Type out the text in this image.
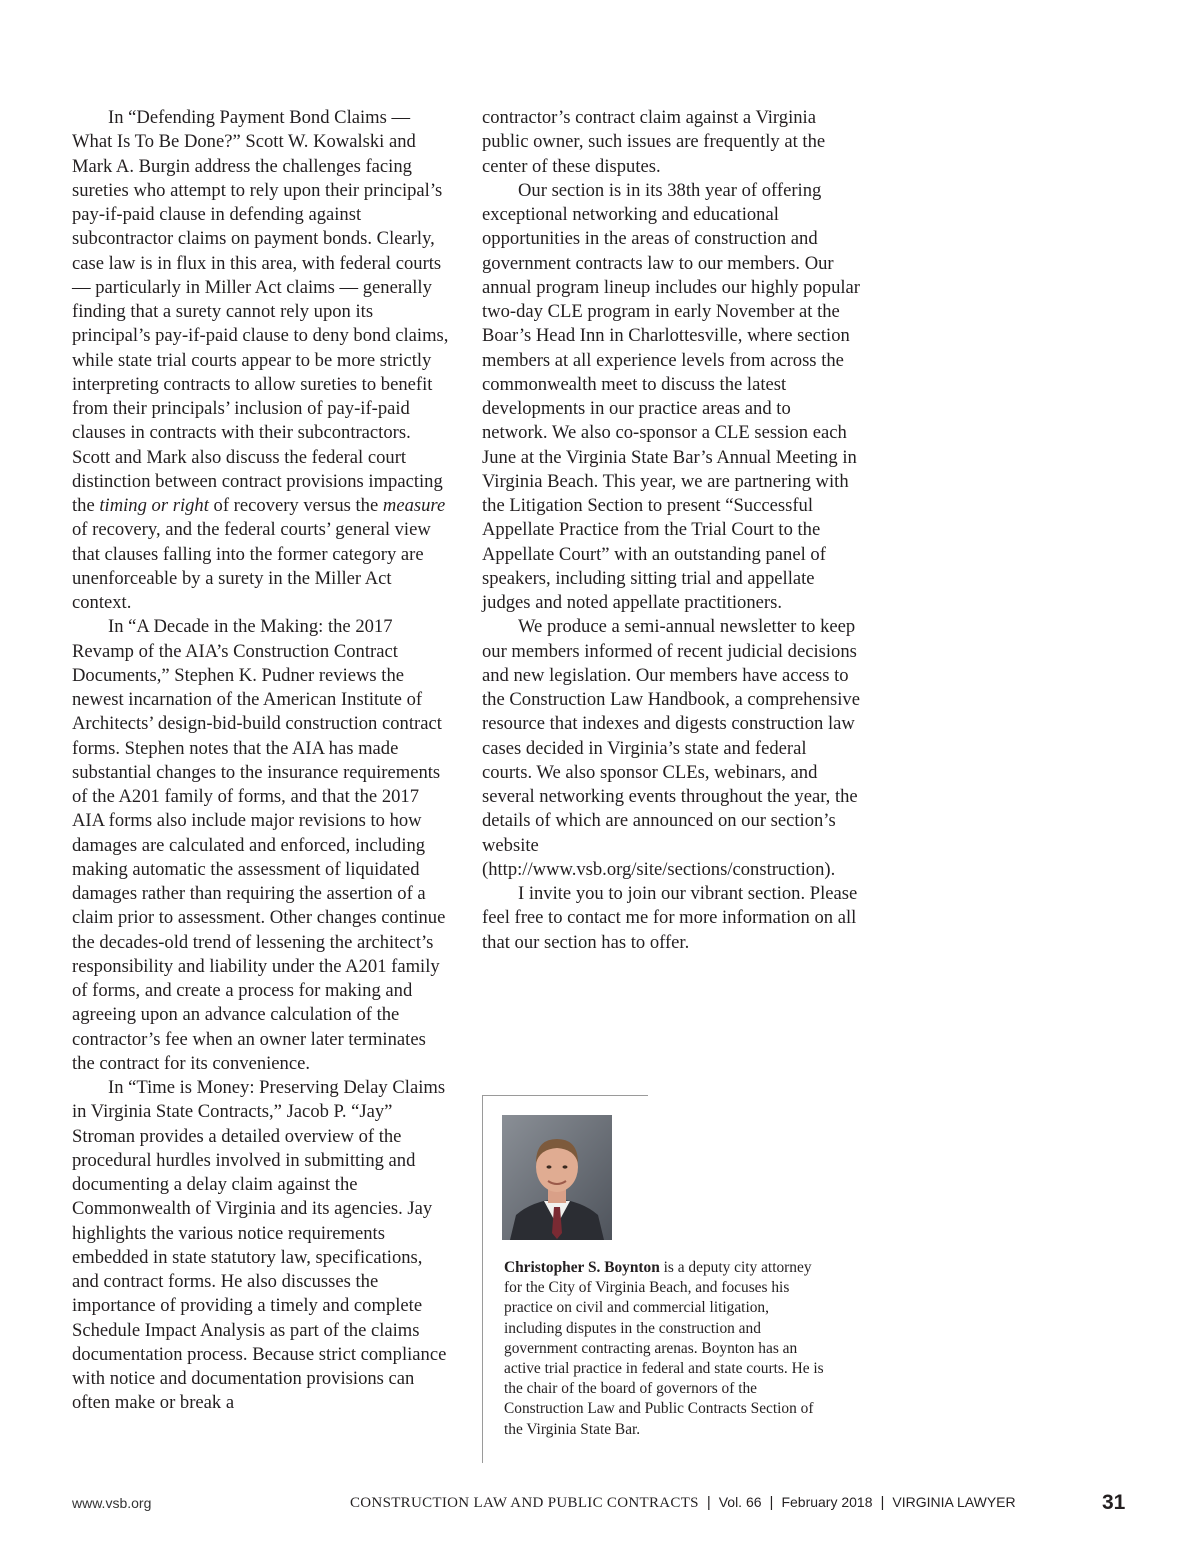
In “Defending Payment Bond Claims — What Is To Be Done?” Scott W. Kowalski and Mark A. Burgin address the challenges facing sureties who attempt to rely upon their principal’s pay-if-paid clause in defending against subcontractor claims on payment bonds. Clearly, case law is in flux in this area, with federal courts — particularly in Miller Act claims — generally finding that a surety cannot rely upon its principal’s pay-if-paid clause to deny bond claims, while state trial courts appear to be more strictly interpreting contracts to allow sureties to benefit from their principals’ inclusion of pay-if-paid clauses in contracts with their subcontractors. Scott and Mark also discuss the federal court distinction between contract provisions impacting the timing or right of recovery versus the measure of recovery, and the federal courts’ general view that clauses falling into the former category are unenforceable by a surety in the Miller Act context.

In “A Decade in the Making: the 2017 Revamp of the AIA’s Construction Contract Documents,” Stephen K. Pudner reviews the newest incarnation of the American Institute of Architects’ design-bid-build construction contract forms. Stephen notes that the AIA has made substantial changes to the insurance requirements of the A201 family of forms, and that the 2017 AIA forms also include major revisions to how damages are calculated and enforced, including making automatic the assessment of liquidated damages rather than requiring the assertion of a claim prior to assessment. Other changes continue the decades-old trend of lessening the architect’s responsibility and liability under the A201 family of forms, and create a process for making and agreeing upon an advance calculation of the contractor’s fee when an owner later terminates the contract for its convenience.

In “Time is Money: Preserving Delay Claims in Virginia State Contracts,” Jacob P. “Jay” Stroman provides a detailed overview of the procedural hurdles involved in submitting and documenting a delay claim against the Commonwealth of Virginia and its agencies. Jay highlights the various notice requirements embedded in state statutory law, specifications, and contract forms. He also discusses the importance of providing a timely and complete Schedule Impact Analysis as part of the claims documentation process. Because strict compliance with notice and documentation provisions can often make or break a

contractor’s contract claim against a Virginia public owner, such issues are frequently at the center of these disputes.

Our section is in its 38th year of offering exceptional networking and educational opportunities in the areas of construction and government contracts law to our members. Our annual program lineup includes our highly popular two-day CLE program in early November at the Boar’s Head Inn in Charlottesville, where section members at all experience levels from across the commonwealth meet to discuss the latest developments in our practice areas and to network. We also co-sponsor a CLE session each June at the Virginia State Bar’s Annual Meeting in Virginia Beach. This year, we are partnering with the Litigation Section to present “Successful Appellate Practice from the Trial Court to the Appellate Court” with an outstanding panel of speakers, including sitting trial and appellate judges and noted appellate practitioners.

We produce a semi-annual newsletter to keep our members informed of recent judicial decisions and new legislation. Our members have access to the Construction Law Handbook, a comprehensive resource that indexes and digests construction law cases decided in Virginia’s state and federal courts. We also sponsor CLEs, webinars, and several networking events throughout the year, the details of which are announced on our section’s website (http://www.vsb.org/site/sections/construction).

I invite you to join our vibrant section. Please feel free to contact me for more information on all that our section has to offer.

Christopher S. Boynton is a deputy city attorney for the City of Virginia Beach, and focuses his practice on civil and commercial litigation, including disputes in the construction and government contracting arenas. Boynton has an active trial practice in federal and state courts. He is the chair of the board of governors of the Construction Law and Public Contracts Section of the Virginia State Bar.
www.vsb.org	CONSTRUCTION LAW AND PUBLIC CONTRACTS | Vol. 66 | February 2018 | VIRGINIA LAWYER	31
